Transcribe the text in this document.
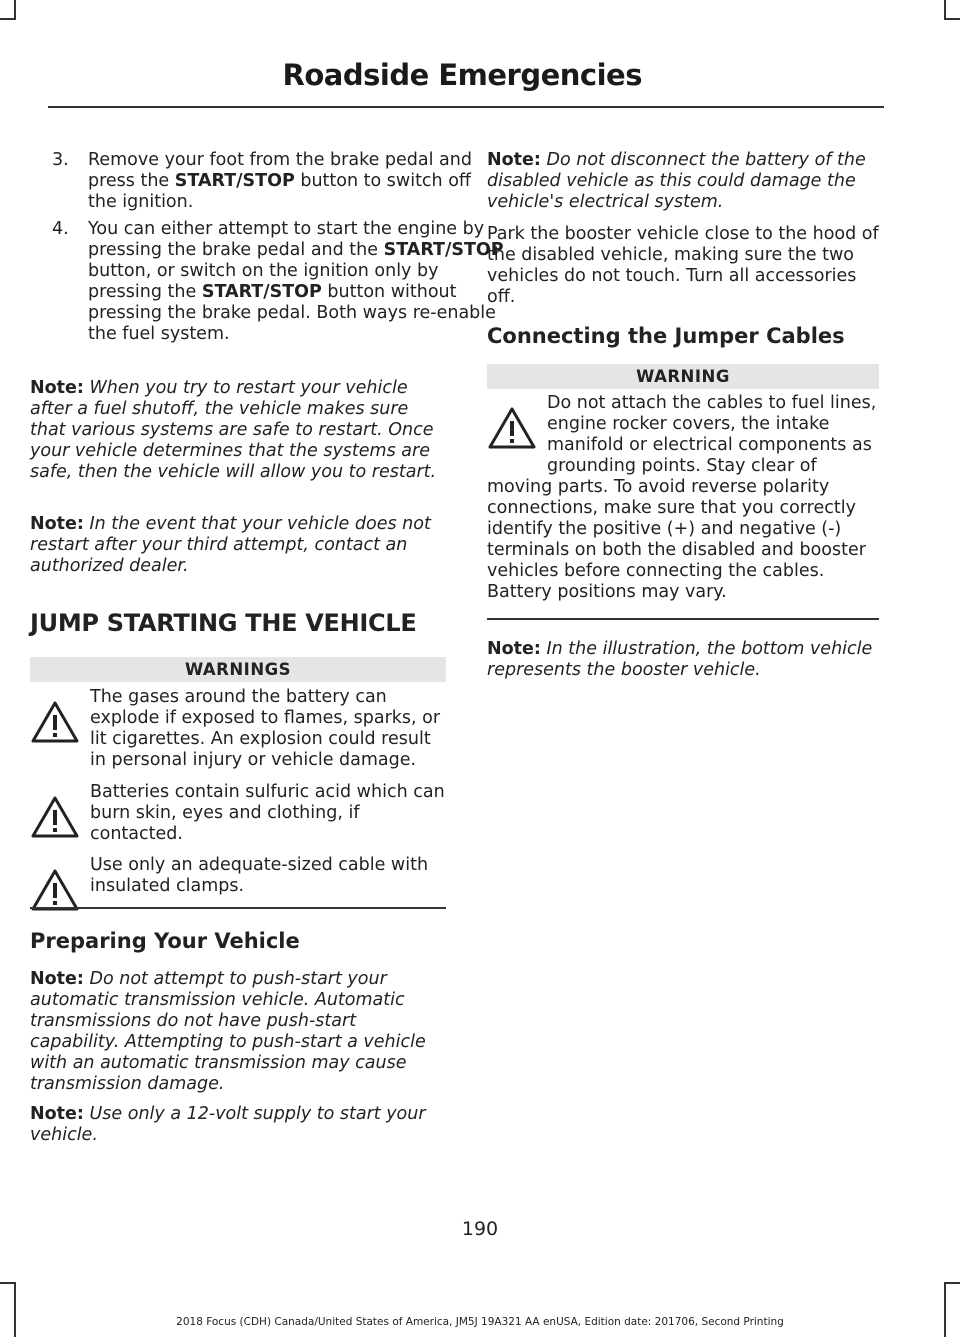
Roadside Emergencies
3. Remove your foot from the brake pedal and press the START/STOP button to switch off the ignition.
4. You can either attempt to start the engine by pressing the brake pedal and the START/STOP button, or switch on the ignition only by pressing the START/STOP button without pressing the brake pedal. Both ways re-enable the fuel system.

Note: When you try to restart your vehicle after a fuel shutoff, the vehicle makes sure that various systems are safe to restart. Once your vehicle determines that the systems are safe, then the vehicle will allow you to restart.

Note: In the event that your vehicle does not restart after your third attempt, contact an authorized dealer.

JUMP STARTING THE VEHICLE
WARNINGS

The gases around the battery can explode if exposed to flames, sparks, or lit cigarettes. An explosion could result in personal injury or vehicle damage.

Batteries contain sulfuric acid which can burn skin, eyes and clothing, if contacted.

Use only an adequate-sized cable with insulated clamps.

Preparing Your Vehicle

Note: Do not attempt to push-start your automatic transmission vehicle. Automatic transmissions do not have push-start capability. Attempting to push-start a vehicle with an automatic transmission may cause transmission damage.

Note: Use only a 12-volt supply to start your vehicle.

Note: Do not disconnect the battery of the disabled vehicle as this could damage the vehicle's electrical system.

Park the booster vehicle close to the hood of the disabled vehicle, making sure the two vehicles do not touch. Turn all accessories off.

Connecting the Jumper Cables
WARNING

Do not attach the cables to fuel lines, engine rocker covers, the intake manifold or electrical components as grounding points. Stay clear of moving parts. To avoid reverse polarity connections, make sure that you correctly identify the positive (+) and negative (-) terminals on both the disabled and booster vehicles before connecting the cables. Battery positions may vary.

Note: In the illustration, the bottom vehicle represents the booster vehicle.

190
2018 Focus (CDH) Canada/United States of America, JM5J 19A321 AA enUSA, Edition date: 201706, Second Printing
